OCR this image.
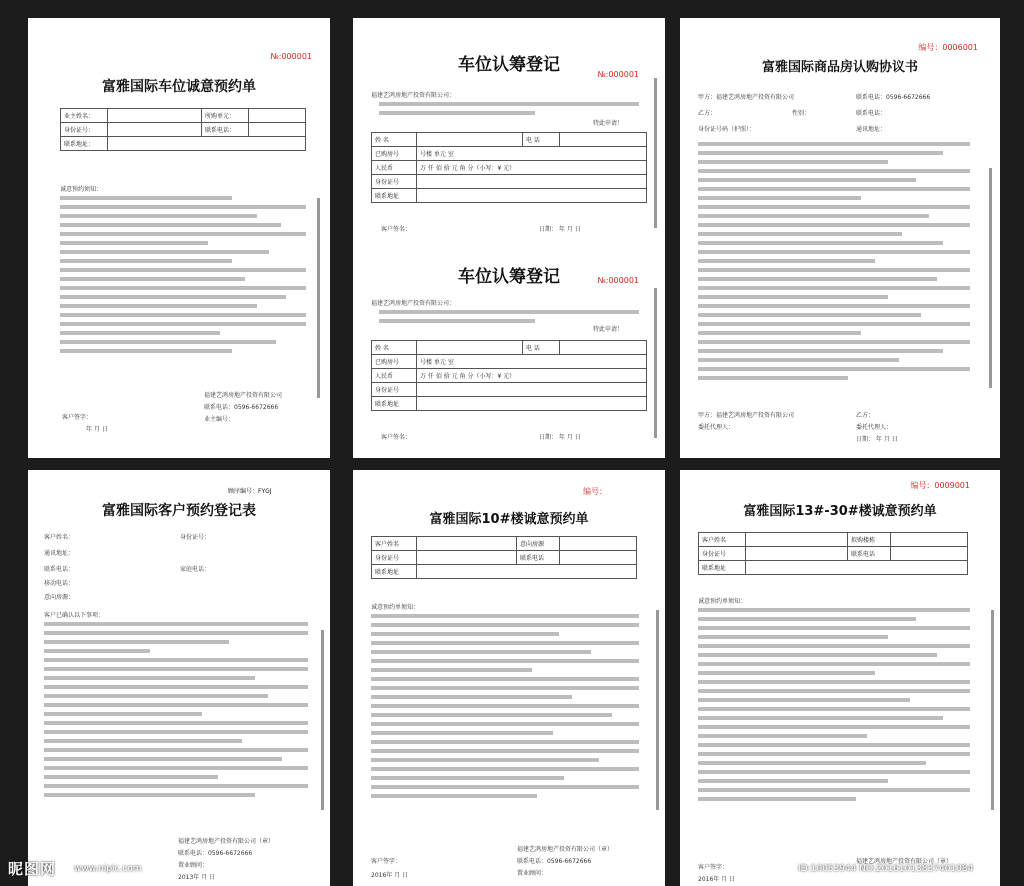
№:000001
富雅国际车位诚意预约单
业主姓名：		所购单元：	
身份证号：		联系电话：	
联系地址：			
诚意预约须知：
福建艺鸿房地产投资有限公司
联系电话：0596-6672666
业主编号：
客户签字：
年 月 日
车位认筹登记	№:000001
福建艺鸿房地产投资有限公司：
特此申请！
姓 名		电 话	
已购房号	号楼 单元 室		
人民币	万 仟 佰 拾 元 角 分（小写：¥ 元）		
身份证号			
联系地址			
客户签名：	日期： 年 月 日
车位认筹登记	№:000001
福建艺鸿房地产投资有限公司：
特此申请！
姓 名		电 话	
已购房号	号楼 单元 室		
人民币	万 仟 佰 拾 元 角 分（小写：¥ 元）		
身份证号			
联系地址			
客户签名：	日期： 年 月 日
编号：0006001
富雅国际商品房认购协议书
甲方：福建艺鸿房地产投资有限公司	联系电话：0596-6672666
乙方：	性别：	联系电话：
身份证号码（护照）：	通讯地址：
甲方：福建艺鸿房地产投资有限公司	乙方：
委托代理人：	委托代理人：
日期： 年 月 日
顾序编号：FYGJ
富雅国际客户预约登记表
客户姓名：	身份证号：
通讯地址：
联系电话：	家庭电话：
移动电话：
意向房源：
客户已确认以下事项：
福建艺鸿房地产投资有限公司（章）
联系电话：0596-6672666
置业顾问：
2013年 月 日
编号：
富雅国际10#楼诚意预约单
客户姓名		意向房源	
身份证号		联系电话	
联系地址			
诚意预约单须知：
客户签字：
2016年 月 日
福建艺鸿房地产投资有限公司（章）
联系电话：0596-6672666
置业顾问：
编号：0009001
富雅国际13#-30#楼诚意预约单
客户姓名		拟购楼栋	
身份证号		联系电话	
联系地址			
诚意预约单须知：
客户签字：
2016年 月 日
福建艺鸿房地产投资有限公司（章）
昵图网 www.nipic.com	ID:10053944 NO:20161013837401084
